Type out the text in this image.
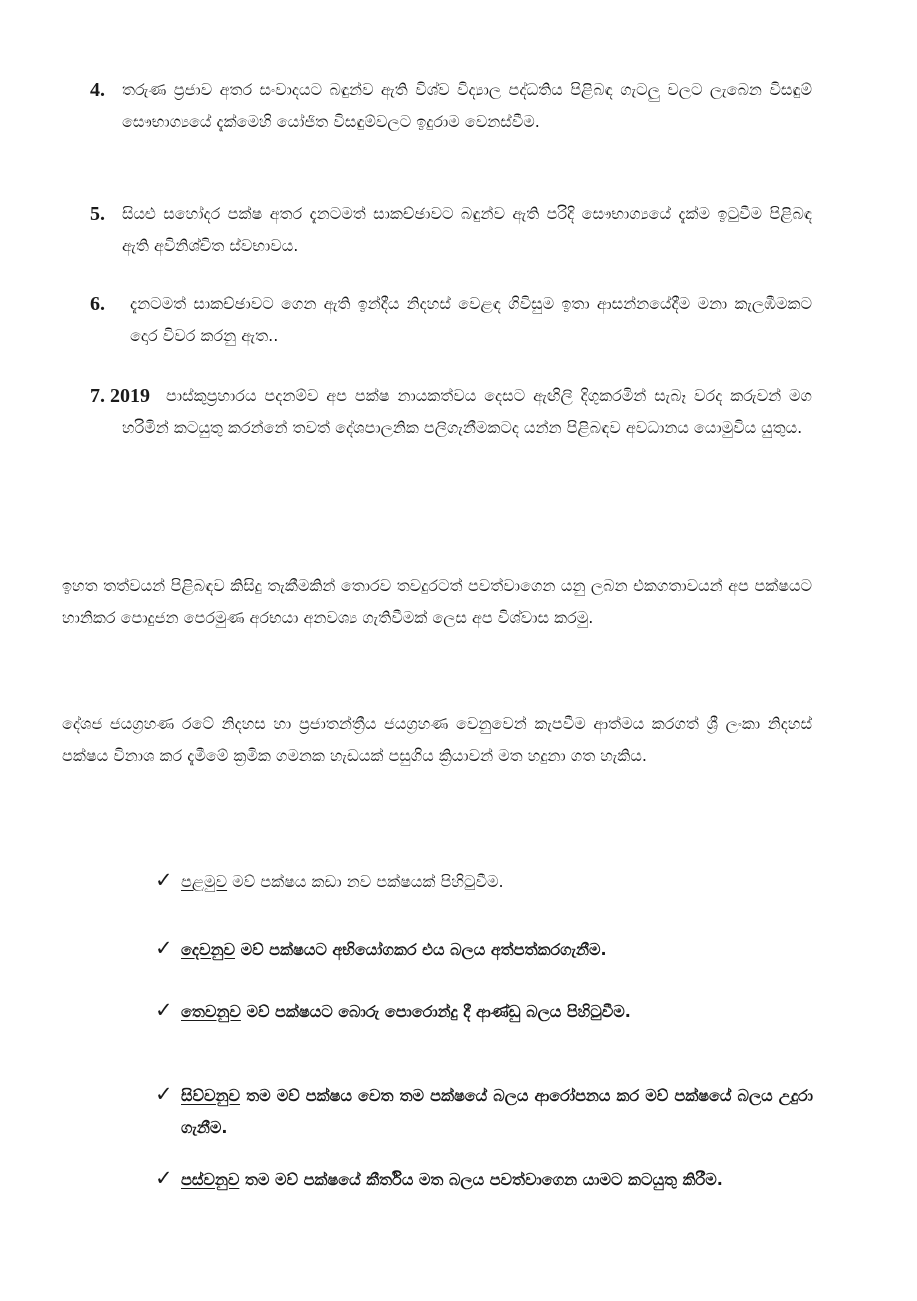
4. තරුණ ප්‍රජාව අතර සංවාදයට බඳුන්ව ඇති විශ්ව විද්‍යාල පද්ධතිය පිළිබඳ ගැටලු වලට ලැබෙන විසඳුම් සෞභාග්‍යයේ දැක්මෙහි යෝජිත විසඳුම්වලට ඉදුරාම වෙනස්වීම.
5. සියළු සහෝදර පක්ෂ අතර දැනටමත් සාකච්ඡාවට බඳුන්ව ඇති පරිදි සෞභාග්‍යයේ දැක්ම ඉටුවීම පිළිබඳ ඇති අවිනිශ්චිත ස්වභාවය.
6. දැනටමත් සාකච්ඡාවට ගෙන ඇති ඉන්දීය නිදහස් වෙළඳ ගිවිසුම ඉතා ආසන්නයේදීම මනා කැලඹීමකට දොර විවර කරනු ඇත..
7. 2019	පාස්කුප්‍රහාරය පදනම්ව අප පක්ෂ නායකත්වය දෙසට ඇඟිලි දිගුකරමින් සැබෑ වරද කරුවන් මග හරිමින් කටයුතු කරන්නේ තවත් දේශපාලනික පලිගැනීමකටද යන්න පිළිබඳව අවධානය යොමුවිය යුතුය.
ඉහත තත්වයන් පිළිබඳව කිසිදු තැකීමකින් තොරව තවදුරටත් පවත්වාගෙන යනු ලබන එකගතාවයන් අප පක්ෂයට හානිකර පොදුජන පෙරමුණ අරභයා අනවශ්‍ය ගැතිවීමක් ලෙස අප විශ්වාස කරමු.
දේශජ ජයග්‍රහණ රටේ නිදහස හා ප්‍රජාතන්ත්‍රීය ජයග්‍රහණ වෙනුවෙන් කැපවීම ආත්මය කරගත් ශ්‍රී ලංකා නිදහස් පක්ෂය විනාශ කර දැමීමේ ක්‍රමික ගමනක හැඩයක් පසුගිය ක්‍රියාවන් මත හදුනා ගත හැකිය.
✓ පළමුව මව් පක්ෂය කඩා නව පක්ෂයක් පිහිටුවීම.
✓ දෙවනුව මව් පක්ෂයට අභියෝගකර එය බලය අත්පත්කරගැනීම.
✓ තෙවනුව මව් පක්ෂයට බොරු පොරොන්දු දී ආණ්ඩු බලය පිහිටුවීම.
✓ සිව්වනුව තම මව් පක්ෂය වෙත තම පක්ෂයේ බලය ආරෝපනය කර මව් පක්ෂයේ බලය උදුරා ගැනීම.
✓ පස්වනුව තම මව් පක්ෂයේ කීර්තිය මත බලය පවත්වාගෙන යාමට කටයුතු කිරීම.
